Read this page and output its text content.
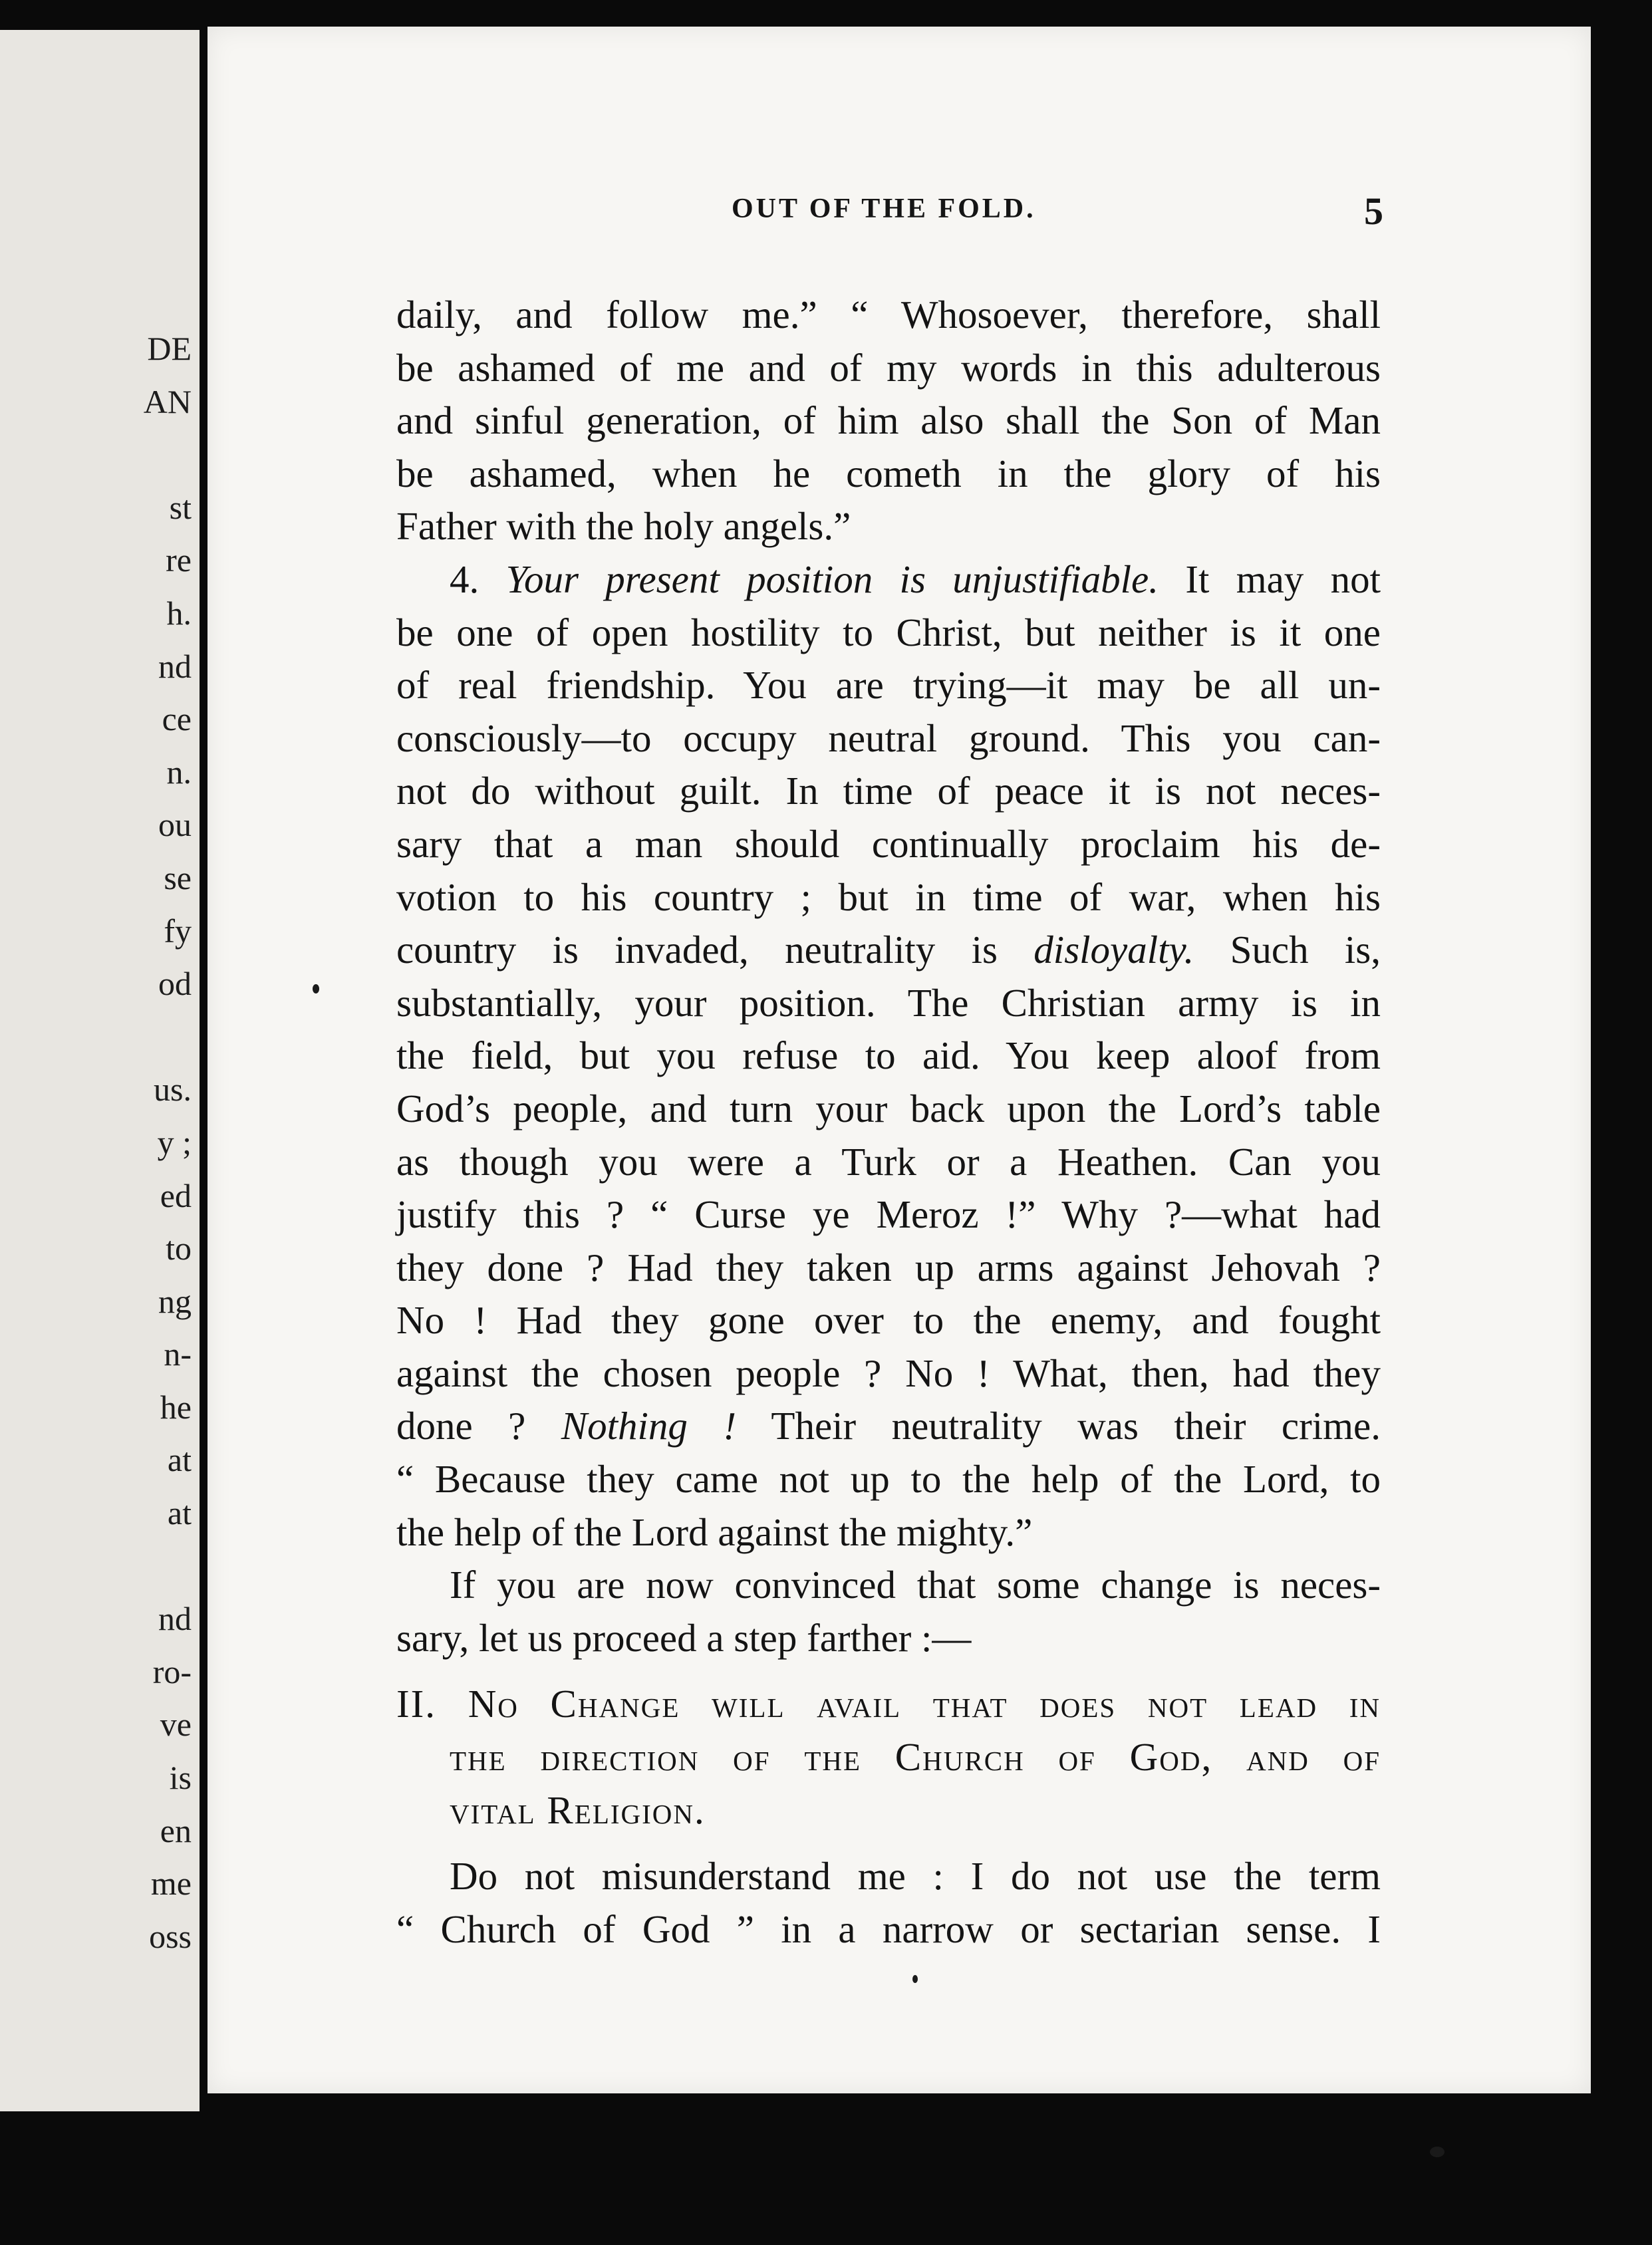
DE
AN
st
re
h.
nd
ce
n.
ou
se
fy
od
us.
y ;
ed
to
ng
n-
he
at
at
nd
ro-
ve
is
en
me
oss
OUT OF THE FOLD.	5
daily, and follow me.” “ Whosoever, therefore, shall
be ashamed of me and of my words in this adulterous
and sinful generation, of him also shall the Son of Man
be ashamed, when he cometh in the glory of his
Father with the holy angels.”
4. Your present position is unjustifiable. It may not
be one of open hostility to Christ, but neither is it one
of real friendship. You are trying—it may be all un-
consciously—to occupy neutral ground. This you can-
not do without guilt. In time of peace it is not neces-
sary that a man should continually proclaim his de-
votion to his country ; but in time of war, when his
country is invaded, neutrality is disloyalty. Such is,
substantially, your position. The Christian army is in
the field, but you refuse to aid. You keep aloof from
God’s people, and turn your back upon the Lord’s table
as though you were a Turk or a Heathen. Can you
justify this ? “ Curse ye Meroz !” Why ?—what had
they done ? Had they taken up arms against Jehovah ?
No ! Had they gone over to the enemy, and fought
against the chosen people ? No ! What, then, had they
done ? Nothing ! Their neutrality was their crime.
“ Because they came not up to the help of the Lord, to
the help of the Lord against the mighty.”
If you are now convinced that some change is neces-
sary, let us proceed a step farther :—
II. No Change will avail that does not lead in
the direction of the Church of God, and of
vital Religion.
Do not misunderstand me : I do not use the term
“ Church of God ” in a narrow or sectarian sense. I
